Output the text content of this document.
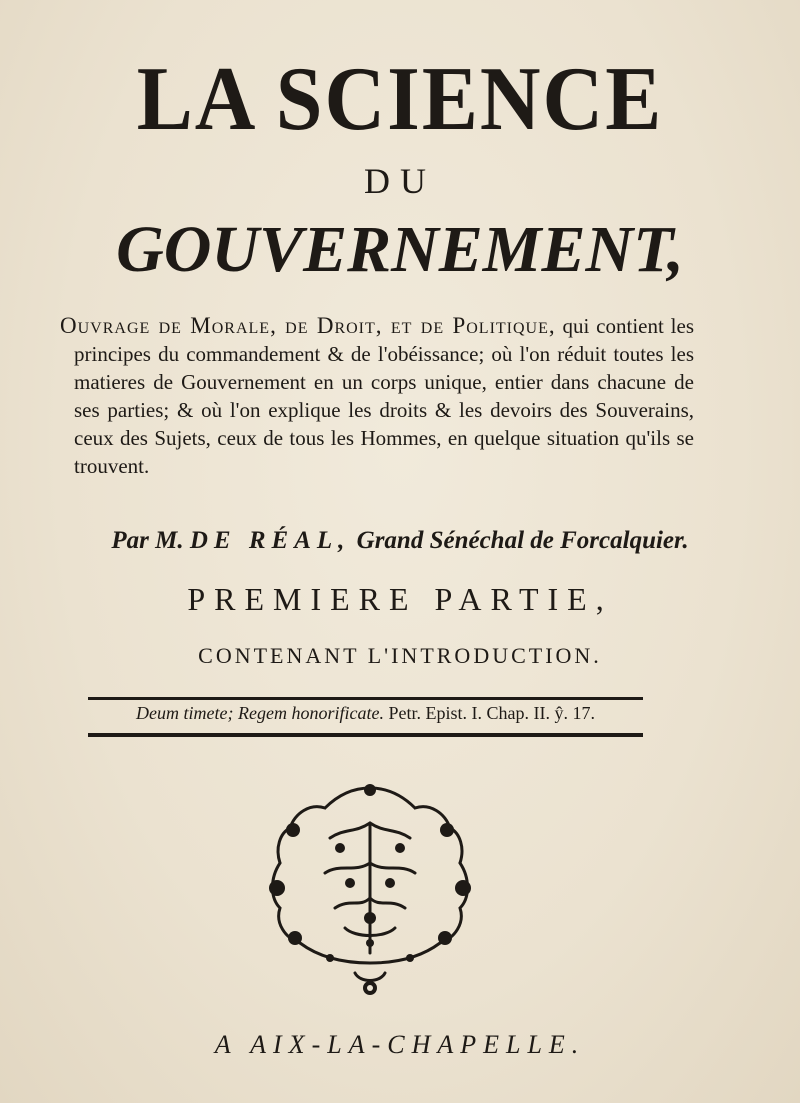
LA SCIENCE
DU
GOUVERNEMENT,
Ouvrage de Morale, de Droit, et de Politique, qui contient les principes du commandement & de l'obéissance; où l'on réduit toutes les matieres de Gouvernement en un corps unique, entier dans chacune de ses parties; & où l'on explique les droits & les devoirs des Souverains, ceux des Sujets, ceux de tous les Hommes, en quelque situation qu'ils se trouvent.
Par M. DE RÉAL, Grand Sénéchal de Forcalquier.
PREMIERE PARTIE,
CONTENANT L'INTRODUCTION.
Deum timete; Regem honorificate. Petr. Epist. I. Chap. II. ŷ. 17.
A AIX-LA-CHAPELLE.
